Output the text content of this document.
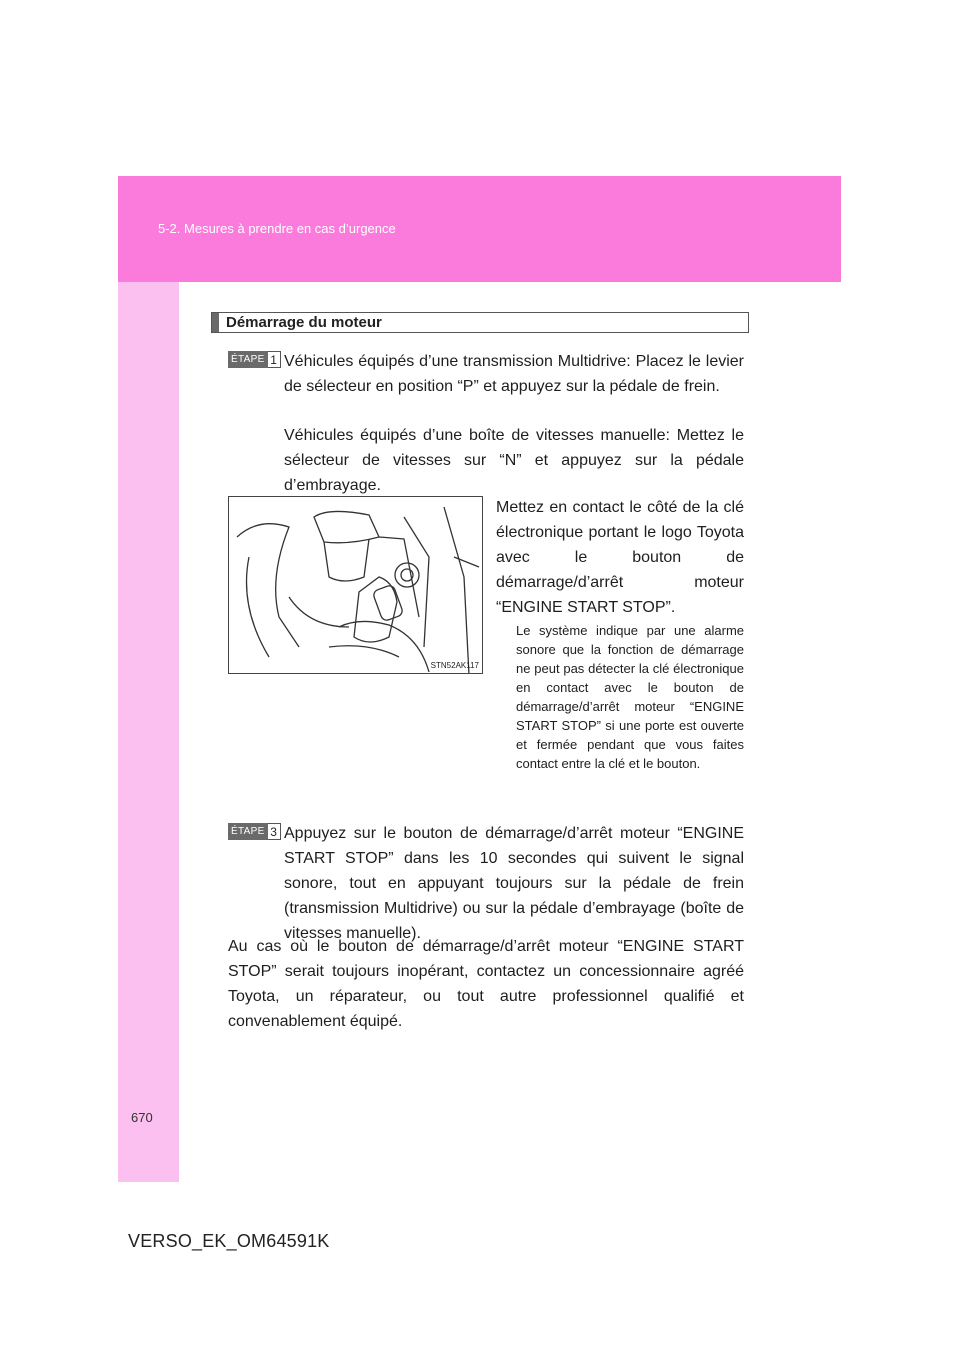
5-2. Mesures à prendre en cas d’urgence
Démarrage du moteur
ÉTAPE 1 Véhicules équipés d’une transmission Multidrive: Placez le levier de sélecteur en position “P” et appuyez sur la pédale de frein.
Véhicules équipés d’une boîte de vitesses manuelle: Mettez le sélecteur de vitesses sur “N” et appuyez sur la pédale d’embrayage.
STN52AK117
Mettez en contact le côté de la clé électronique portant le logo Toyota avec le bouton de démarrage/d’arrêt moteur “ENGINE START STOP”.
Le système indique par une alarme sonore que la fonction de démarrage ne peut pas détecter la clé électronique en contact avec le bouton de démarrage/d’arrêt moteur “ENGINE START STOP” si une porte est ouverte et fermée pendant que vous faites contact entre la clé et le bouton.
ÉTAPE 3 Appuyez sur le bouton de démarrage/d’arrêt moteur “ENGINE START STOP” dans les 10 secondes qui suivent le signal sonore, tout en appuyant toujours sur la pédale de frein (transmission Multidrive) ou sur la pédale d’embrayage (boîte de vitesses manuelle).
Au cas où le bouton de démarrage/d’arrêt moteur “ENGINE START STOP” serait toujours inopérant, contactez un concessionnaire agréé Toyota, un réparateur, ou tout autre professionnel qualifié et convenablement équipé.
670
VERSO_EK_OM64591K
